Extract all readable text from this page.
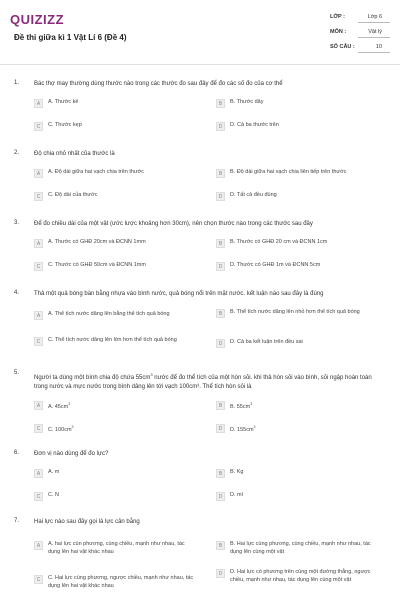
QUIZIZZ
Đề thi giữa kì 1 Vật Lí 6 (Đề 4)
LỚP :	Lớp 6
MÔN :	Vật lý
SỐ CÂU :	10
1. Bác thợ may thường dùng thước nào trong các thước đo sau đây để đo các số đo của cơ thể
A	A. Thước kẻ	B	B. Thước dây
C	C. Thước kẹp	D	D. Cả ba thước trên
2. Độ chia nhỏ nhất của thước là
A	A. Độ dài giữa hai vạch chia trên thước	B	B. Độ dài giữa hai vạch chia liên tiếp trên thước
C	C. Độ dài của thước	D	D. Tất cả đều đúng
3. Để đo chiều dài của một vật (ước lược khoảng hơn 30cm), nên chọn thước nào trong các thước sau đây
A	A. Thước có GHĐ 20cm và ĐCNN 1mm	B	B. Thước có GHĐ 20 cm và ĐCNN 1cm
C	C. Thước có GHĐ 50cm và ĐCNN 1mm	D	D. Thước có GHĐ 1m và ĐCNN 5cm
4. Thả một quả bóng bàn bằng nhựa vào bình nước, quả bóng nổi trên mặt nước. kết luận nào sau đây là đúng
A	A. Thể tích nước dâng lên bằng thể tích quả bóng	B	B. Thể tích nước dâng lên nhỏ hơn thể tích quả bóng
C	C. Thể tích nước dâng lên lớn hơn thể tích quả bóng
D	D. Cả ba kết luận trên đều sai
5.
Người ta dùng một bình chia độ chứa $55cm^3$ nước để đo thể tích của một hòn sỏi. khi thả hòn sỏi vào bình, sỏi ngập hoàn toàn trong nước và mực nước trong bình dâng lên tới vạch 100cm³. Thể tích hòn sỏi là
A	A. $45cm^3$	B	B. $55cm^3$
C	C. $100cm^3$	D	D. $155cm^3$
6. Đơn vị nào dùng để đo lực?
A	A. m	B	B. Kg
C	C. N	D	D. ml
7. Hai lực nào sau đây gọi là lực cân bằng
A	A. hai lực cùn phương, cùng chiều, mạnh như nhau, tác dụng lên hai vật khác nhau
B	B. Hai lực cùng phương, cùng chiều, mạnh như nhau, tác dụng lên cùng một vật
C	C. Hai lực cùng phương, ngược chiều, mạnh như nhau, tác dụng lên hai vật khác nhau
D	D. Hai lực có phương trên cùng một đường thẳng, ngược chiều, mạnh như nhau, tác dụng lên cùng một vật
